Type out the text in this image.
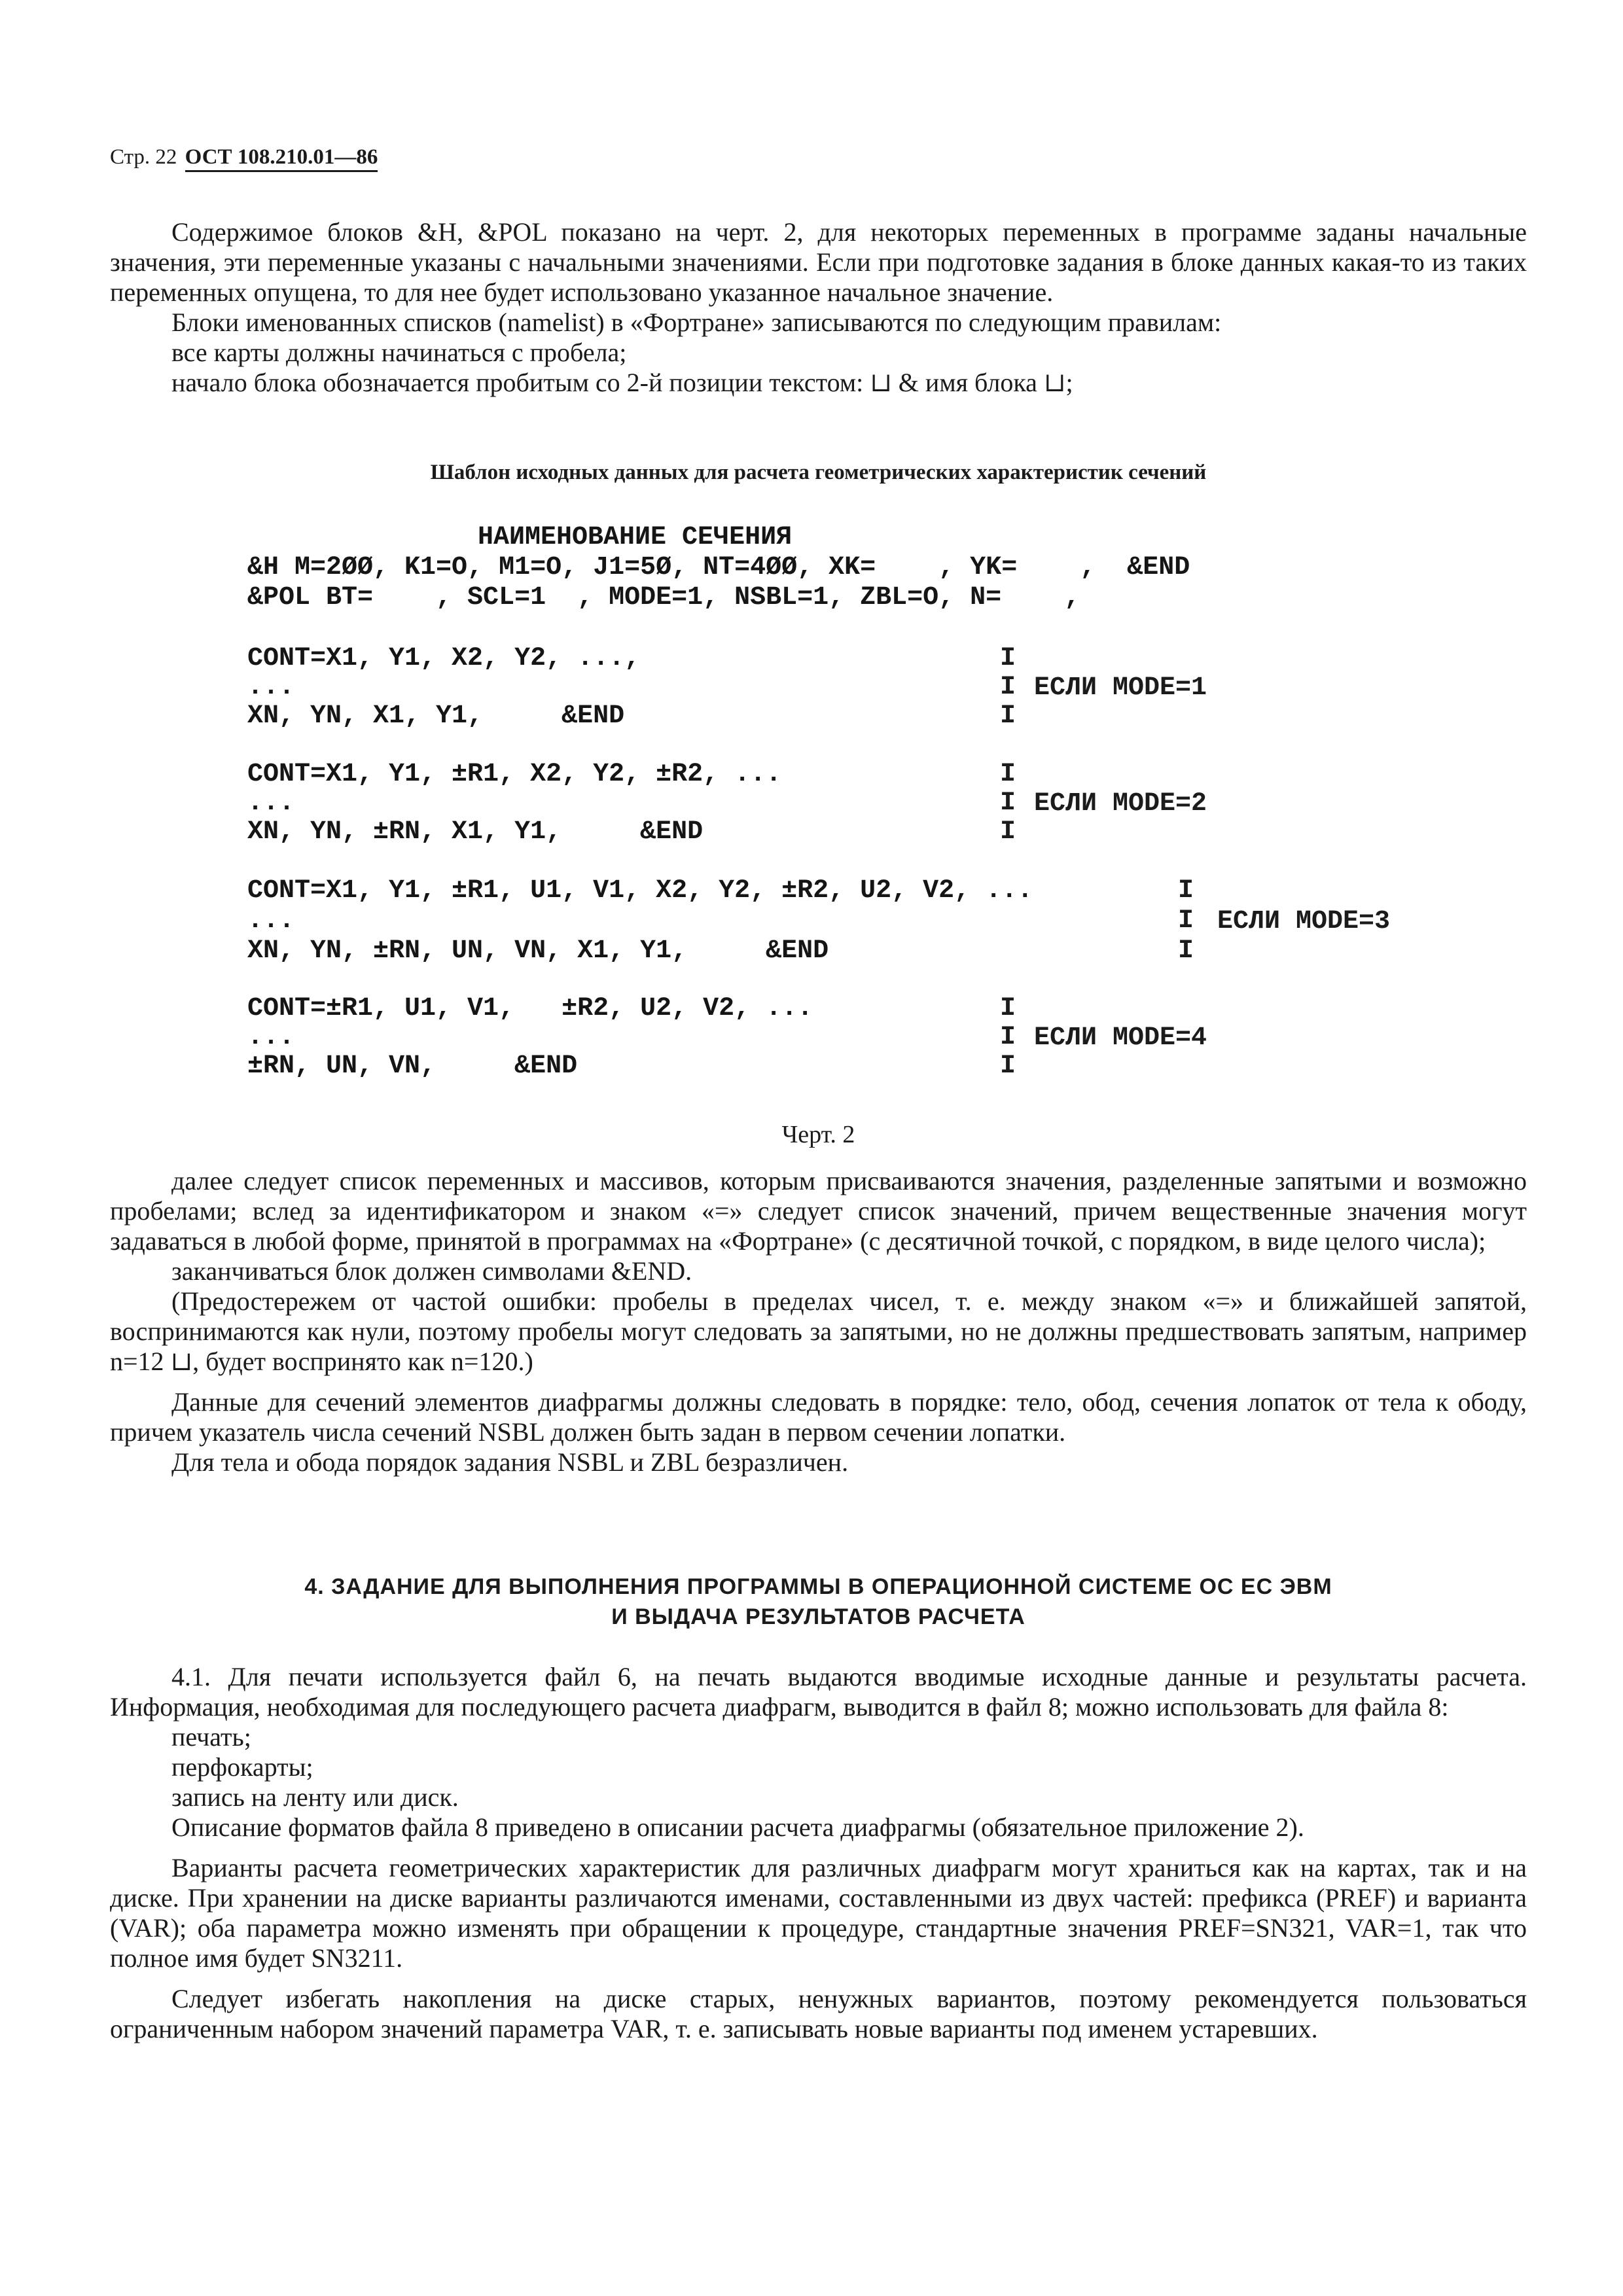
Стр. 22 ОСТ 108.210.01—86

Содержимое блоков &H, &POL показано на черт. 2, для некоторых переменных в программе заданы начальные значения, эти переменные указаны с начальными значениями. Если при подготовке задания в блоке данных какая-то из таких переменных опущена, то для нее будет использовано указанное начальное значение.

Блоки именованных списков (namelist) в «Фортране» записываются по следующим правилам:

все карты должны начинаться с пробела;

начало блока обозначается пробитым со 2-й позиции текстом: ⊔ & имя блока ⊔;

Шаблон исходных данных для расчета геометрических характеристик сечений
НАИМЕНОВАНИЕ СЕЧЕНИЯ
&H M=2ØØ, K1=O, M1=O, J1=5Ø, NT=4ØØ, XK=    , YK=    ,  &END
&POL BT=    , SCL=1  , MODE=1, NSBL=1, ZBL=O, N=    ,
CONT=X1, Y1, X2, Y2, ...,
...
XN, YN, X1, Y1,     &END
I
I
I
ЕСЛИ MODE=1
CONT=X1, Y1, ±R1, X2, Y2, ±R2, ...
...
XN, YN, ±RN, X1, Y1,     &END
I
I
I
ЕСЛИ MODE=2
CONT=X1, Y1, ±R1, U1, V1, X2, Y2, ±R2, U2, V2, ...
...
XN, YN, ±RN, UN, VN, X1, Y1,     &END
I
I
I
ЕСЛИ MODE=3
CONT=±R1, U1, V1,   ±R2, U2, V2, ...
...
±RN, UN, VN,     &END
I
I
I
ЕСЛИ MODE=4
Черт. 2

далее следует список переменных и массивов, которым присваиваются значения, разделенные запятыми и возможно пробелами; вслед за идентификатором и знаком «=» следует список значений, причем вещественные значения могут задаваться в любой форме, принятой в программах на «Фортране» (с десятичной точкой, с порядком, в виде целого числа);

заканчиваться блок должен символами &END.

(Предостережем от частой ошибки: пробелы в пределах чисел, т. е. между знаком «=» и ближайшей запятой, воспринимаются как нули, поэтому пробелы могут следовать за запятыми, но не должны предшествовать запятым, например n=12 ⊔, будет воспринято как n=120.)

Данные для сечений элементов диафрагмы должны следовать в порядке: тело, обод, сечения лопаток от тела к ободу, причем указатель числа сечений NSBL должен быть задан в первом сечении лопатки.

Для тела и обода порядок задания NSBL и ZBL безразличен.

4. ЗАДАНИЕ ДЛЯ ВЫПОЛНЕНИЯ ПРОГРАММЫ В ОПЕРАЦИОННОЙ СИСТЕМЕ ОС ЕС ЭВМ
И ВЫДАЧА РЕЗУЛЬТАТОВ РАСЧЕТА

4.1. Для печати используется файл 6, на печать выдаются вводимые исходные данные и результаты расчета. Информация, необходимая для последующего расчета диафрагм, выводится в файл 8; можно использовать для файла 8:

печать;

перфокарты;

запись на ленту или диск.

Описание форматов файла 8 приведено в описании расчета диафрагмы (обязательное приложение 2).

Варианты расчета геометрических характеристик для различных диафрагм могут храниться как на картах, так и на диске. При хранении на диске варианты различаются именами, составленными из двух частей: префикса (PREF) и варианта (VAR); оба параметра можно изменять при обращении к процедуре, стандартные значения PREF=SN321, VAR=1, так что полное имя будет SN3211.

Следует избегать накопления на диске старых, ненужных вариантов, поэтому рекомендуется пользоваться ограниченным набором значений параметра VAR, т. е. записывать новые варианты под именем устаревших.
